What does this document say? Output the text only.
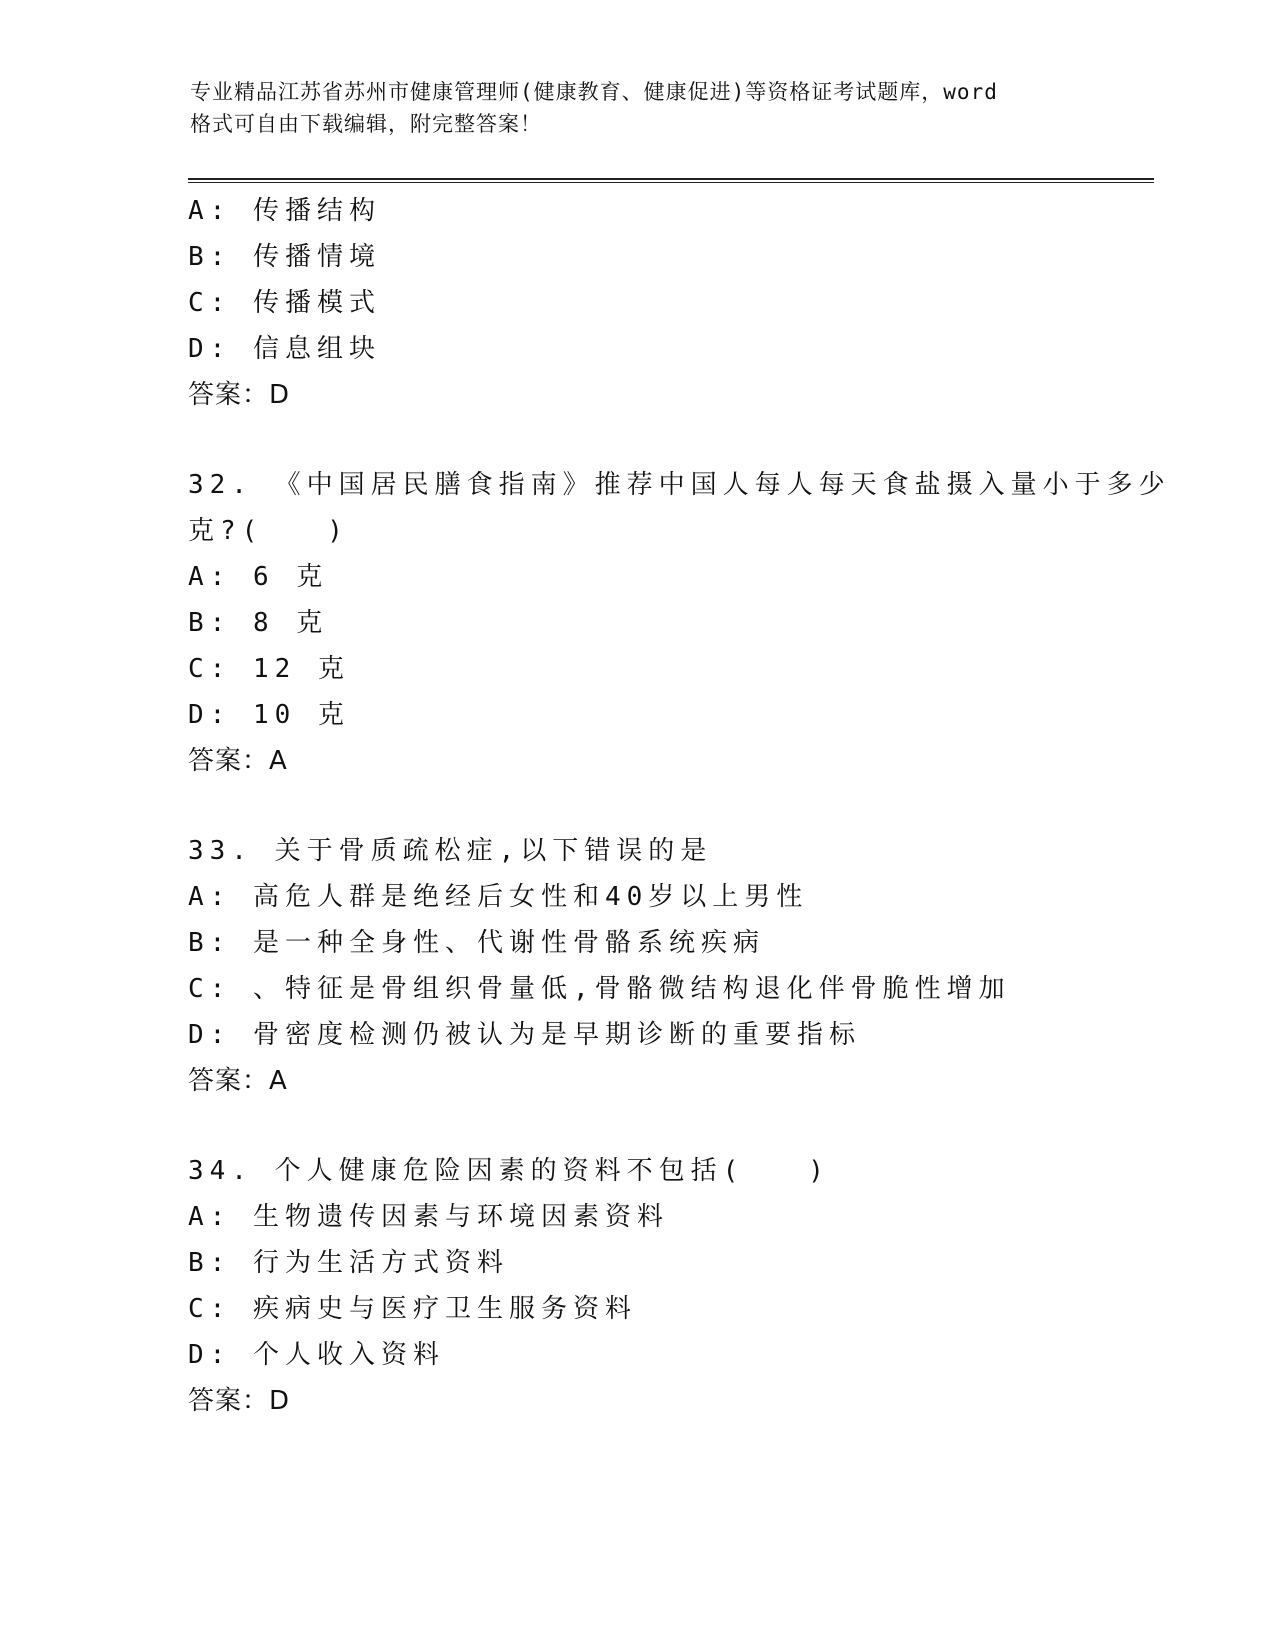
专业精品江苏省苏州市健康管理师(健康教育、健康促进)等资格证考试题库，word
格式可自由下载编辑，附完整答案！
A: 传播结构
B: 传播情境
C: 传播模式
D: 信息组块
答案：D
32. 《中国居民膳食指南》推荐中国人每人每天食盐摄入量小于多少
克?(　　)
A: 6 克
B: 8 克
C: 12 克
D: 10 克
答案：A
33. 关于骨质疏松症,以下错误的是
A: 高危人群是绝经后女性和40岁以上男性
B: 是一种全身性、代谢性骨骼系统疾病
C: 、特征是骨组织骨量低,骨骼微结构退化伴骨脆性增加
D: 骨密度检测仍被认为是早期诊断的重要指标
答案：A
34. 个人健康危险因素的资料不包括(　　)
A: 生物遗传因素与环境因素资料
B: 行为生活方式资料
C: 疾病史与医疗卫生服务资料
D: 个人收入资料
答案：D
